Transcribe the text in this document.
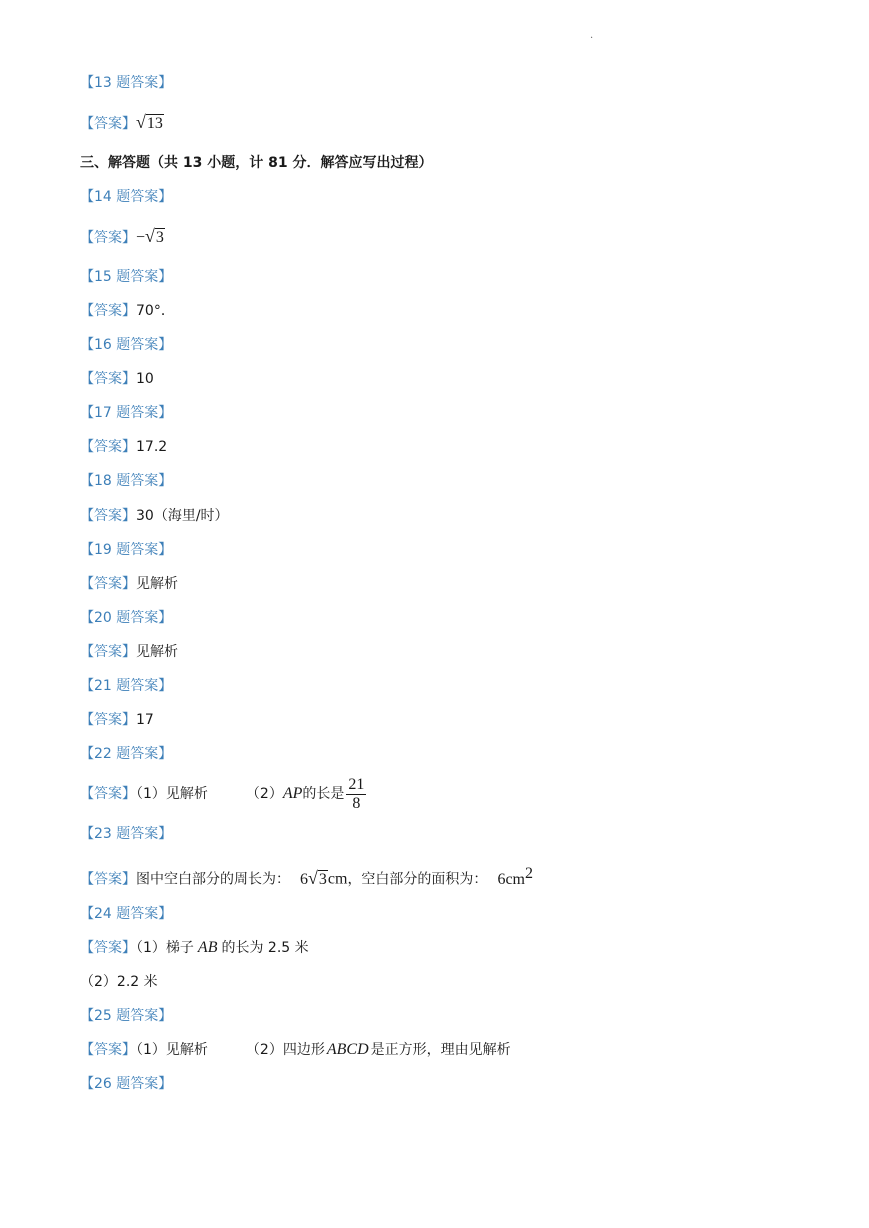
.
【13 题答案】
【答案】√13
三、解答题（共 13 小题，计 81 分．解答应写出过程）
【14 题答案】
【答案】−√3
【15 题答案】
【答案】70°．
【16 题答案】
【答案】10
【17 题答案】
【答案】17.2
【18 题答案】
【答案】30（海里/时）
【19 题答案】
【答案】见解析
【20 题答案】
【答案】见解析
【21 题答案】
【答案】17
【22 题答案】
【答案】（1）见解析	（2）AP的长是 $\frac{21}{8}$
【23 题答案】
【答案】图中空白部分的周长为： 6√3cm，空白部分的面积为： $6cm^2$
【24 题答案】
【答案】（1）梯子 AB 的长为 2.5 米
（2）2.2 米
【25 题答案】
【答案】（1）见解析	（2）四边形 ABCD 是正方形，理由见解析
【26 题答案】
